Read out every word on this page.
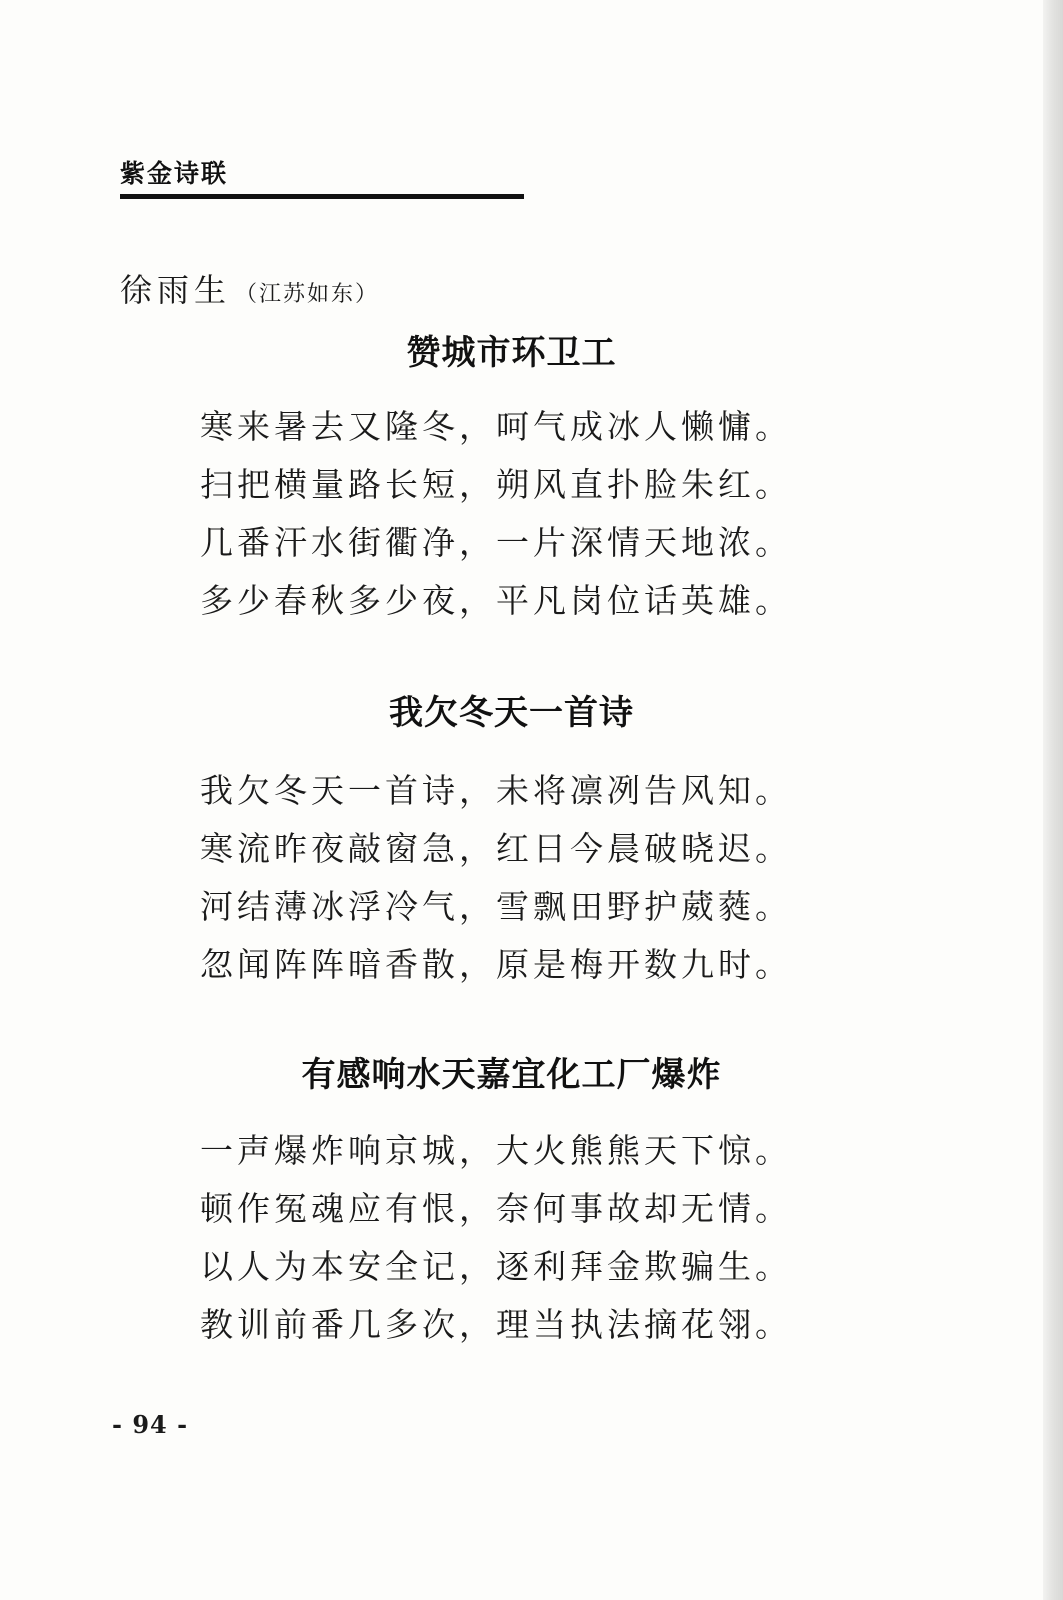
紫金诗联
徐雨生 （江苏如东）
赞城市环卫工
寒来暑去又隆冬，呵气成冰人懒慵。
扫把横量路长短，朔风直扑脸朱红。
几番汗水街衢净，一片深情天地浓。
多少春秋多少夜，平凡岗位话英雄。
我欠冬天一首诗
我欠冬天一首诗，未将凛冽告风知。
寒流昨夜敲窗急，红日今晨破晓迟。
河结薄冰浮冷气，雪飘田野护葳蕤。
忽闻阵阵暗香散，原是梅开数九时。
有感响水天嘉宜化工厂爆炸
一声爆炸响京城，大火熊熊天下惊。
顿作冤魂应有恨，奈何事故却无情。
以人为本安全记，逐利拜金欺骗生。
教训前番几多次，理当执法摘花翎。
- 94 -
